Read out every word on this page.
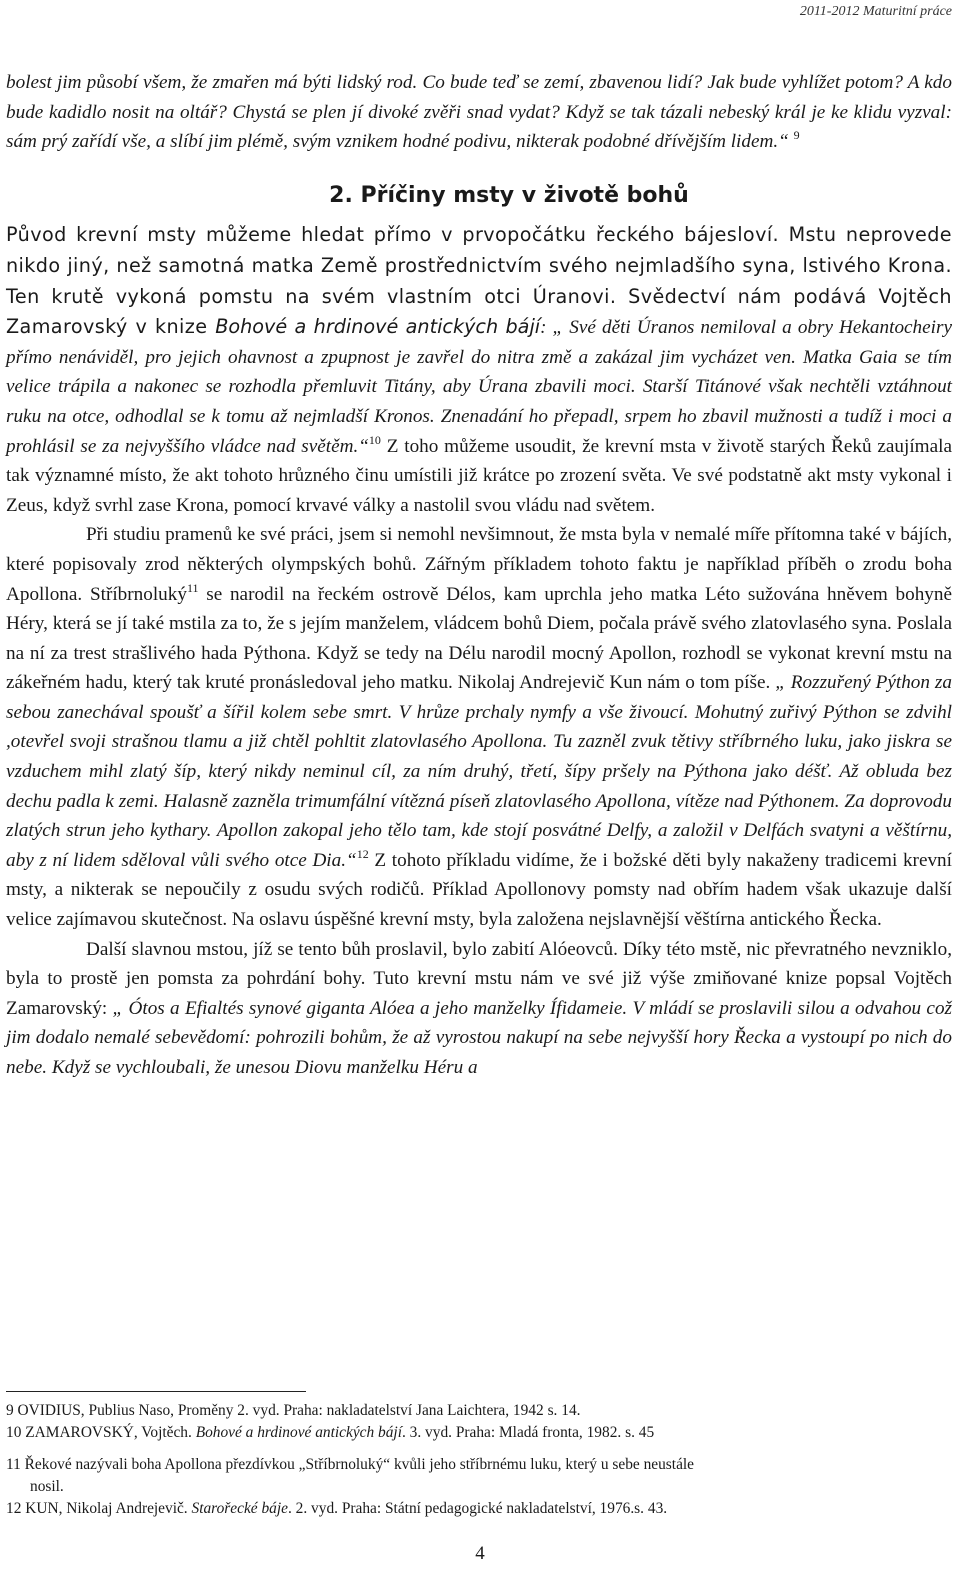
2011-2012 Maturitní práce

bolest jim působí všem, že zmařen má býti lidský rod. Co bude teď se zemí, zbavenou lidí? Jak bude vyhlížet potom? A kdo bude kadidlo nosit na oltář? Chystá se plen jí divoké zvěři snad vydat? Když se tak tázali nebeský král je ke klidu vyzval: sám prý zařídí vše, a slíbí jim plémě, svým vznikem hodné podivu, nikterak podobné dřívějším lidem.“ $^9$

2. Příčiny msty v životě bohů

Původ krevní msty můžeme hledat přímo v prvopočátku řeckého bájesloví. Mstu neprovede nikdo jiný, než samotná matka Země prostřednictvím svého nejmladšího syna, lstivého Krona. Ten krutě vykoná pomstu na svém vlastním otci Úranovi. Svědectví nám podává Vojtěch Zamarovský v knize Bohové a hrdinové antických bájí: „ Své děti Úranos nemiloval a obry Hekantocheiry přímo nenáviděl, pro jejich ohavnost a zpupnost je zavřel do nitra změ a zakázal jim vycházet ven. Matka Gaia se tím velice trápila a nakonec se rozhodla přemluvit Titány, aby Úrana zbavili moci. Starší Titánové však nechtěli vztáhnout ruku na otce, odhodlal se k tomu až nejmladší Kronos. Znenadání ho přepadl, srpem ho zbavil mužnosti a tudíž i moci a prohlásil se za nejvyššího vládce nad světěm.“$^{10}$ Z toho můžeme usoudit, že krevní msta v životě starých Řeků zaujímala tak významné místo, že akt tohoto hrůzného činu umístili již krátce po zrození světa. Ve své podstatně akt msty vykonal i Zeus, když svrhl zase Krona, pomocí krvavé války a nastolil svou vládu nad světem.

Při studiu pramenů ke své práci, jsem si nemohl nevšimnout, že msta byla v nemalé míře přítomna také v bájích, které popisovaly zrod některých olympských bohů. Zářným příkladem tohoto faktu je například příběh o zrodu boha Apollona. Stříbrnoluký$^{11}$ se narodil na řeckém ostrově Délos, kam uprchla jeho matka Léto sužována hněvem bohyně Héry, která se jí také mstila za to, že s jejím manželem, vládcem bohů Diem, počala právě svého zlatovlasého syna. Poslala na ní za trest strašlivého hada Pýthona. Když se tedy na Délu narodil mocný Apollon, rozhodl se vykonat krevní mstu na zákeřném hadu, který tak kruté pronásledoval jeho matku. Nikolaj Andrejevič Kun nám o tom píše. „ Rozzuřený Pýthon za sebou zanechával spoušť a šířil kolem sebe smrt. V hrůze prchaly nymfy a vše živoucí. Mohutný zuřivý Pýthon se zdvihl ,otevřel svoji strašnou tlamu a již chtěl pohltit zlatovlasého Apollona. Tu zazněl zvuk tětivy stříbrného luku, jako jiskra se vzduchem mihl zlatý šíp, který nikdy neminul cíl, za ním druhý, třetí, šípy pršely na Pýthona jako déšť. Až obluda bez dechu padla k zemi. Halasně zazněla trimumfální vítězná píseň zlatovlasého Apollona, vítěze nad Pýthonem. Za doprovodu zlatých strun jeho kythary. Apollon zakopal jeho tělo tam, kde stojí posvátné Delfy, a založil v Delfách svatyni a věštírnu, aby z ní lidem sděloval vůli svého otce Dia.“$^{12}$ Z tohoto příkladu vidíme, že i božské děti byly nakaženy tradicemi krevní msty, a nikterak se nepoučily z osudu svých rodičů. Příklad Apollonovy pomsty nad obřím hadem však ukazuje další velice zajímavou skutečnost. Na oslavu úspěšné krevní msty, byla založena nejslavnější věštírna antického Řecka.

Další slavnou mstou, jíž se tento bůh proslavil, bylo zabití Alóeovců. Díky této mstě, nic převratného nevzniklo, byla to prostě jen pomsta za pohrdání bohy. Tuto krevní mstu nám ve své již výše zmiňované knize popsal Vojtěch Zamarovský: „ Ótos a Efialtés synové giganta Alóea a jeho manželky Ífidameie. V mládí se proslavili silou a odvahou což jim dodalo nemalé sebevědomí: pohrozili bohům, že až vyrostou nakupí na sebe nejvyšší hory Řecka a vystoupí po nich do nebe. Když se vychloubali, že unesou Diovu manželku Héru a

9 OVIDIUS, Publius Naso, Proměny 2. vyd. Praha: nakladatelství Jana Laichtera, 1942 s. 14.
10 ZAMAROVSKÝ, Vojtěch. Bohové a hrdinové antických bájí. 3. vyd. Praha: Mladá fronta, 1982. s. 45
11 Řekové nazývali boha Apollona přezdívkou „Stříbrnoluký“ kvůli jeho stříbrnému luku, který u sebe neustále
nosil.
12 KUN, Nikolaj Andrejevič. Starořecké báje. 2. vyd. Praha: Státní pedagogické nakladatelství, 1976.s. 43.
4
